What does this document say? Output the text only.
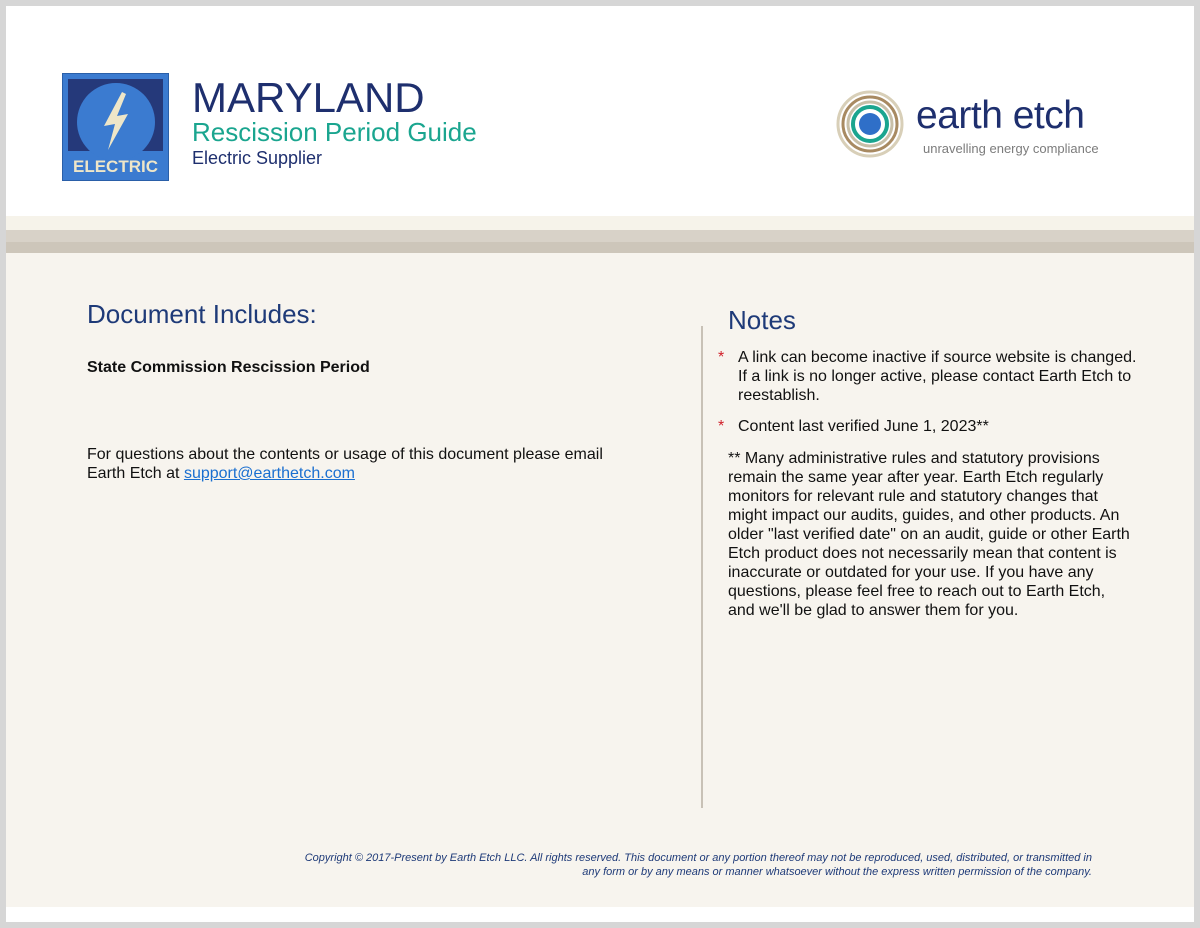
ELECTRIC
MARYLAND
Rescission Period Guide
Electric Supplier
earth etch
unravelling energy compliance
Document Includes:
State Commission Rescission Period
For questions about the contents or usage of this document please email Earth Etch at support@earthetch.com
Notes
* A link can become inactive if source website is changed. If a link is no longer active, please contact Earth Etch to reestablish.
* Content last verified June 1, 2023**
** Many administrative rules and statutory provisions remain the same year after year. Earth Etch regularly monitors for relevant rule and statutory changes that might impact our audits, guides, and other products. An older "last verified date" on an audit, guide or other Earth Etch product does not necessarily mean that content is inaccurate or outdated for your use. If you have any questions, please feel free to reach out to Earth Etch, and we'll be glad to answer them for you.
Copyright © 2017-Present by Earth Etch LLC. All rights reserved. This document or any portion thereof may not be reproduced, used, distributed, or transmitted in any form or by any means or manner whatsoever without the express written permission of the company.
